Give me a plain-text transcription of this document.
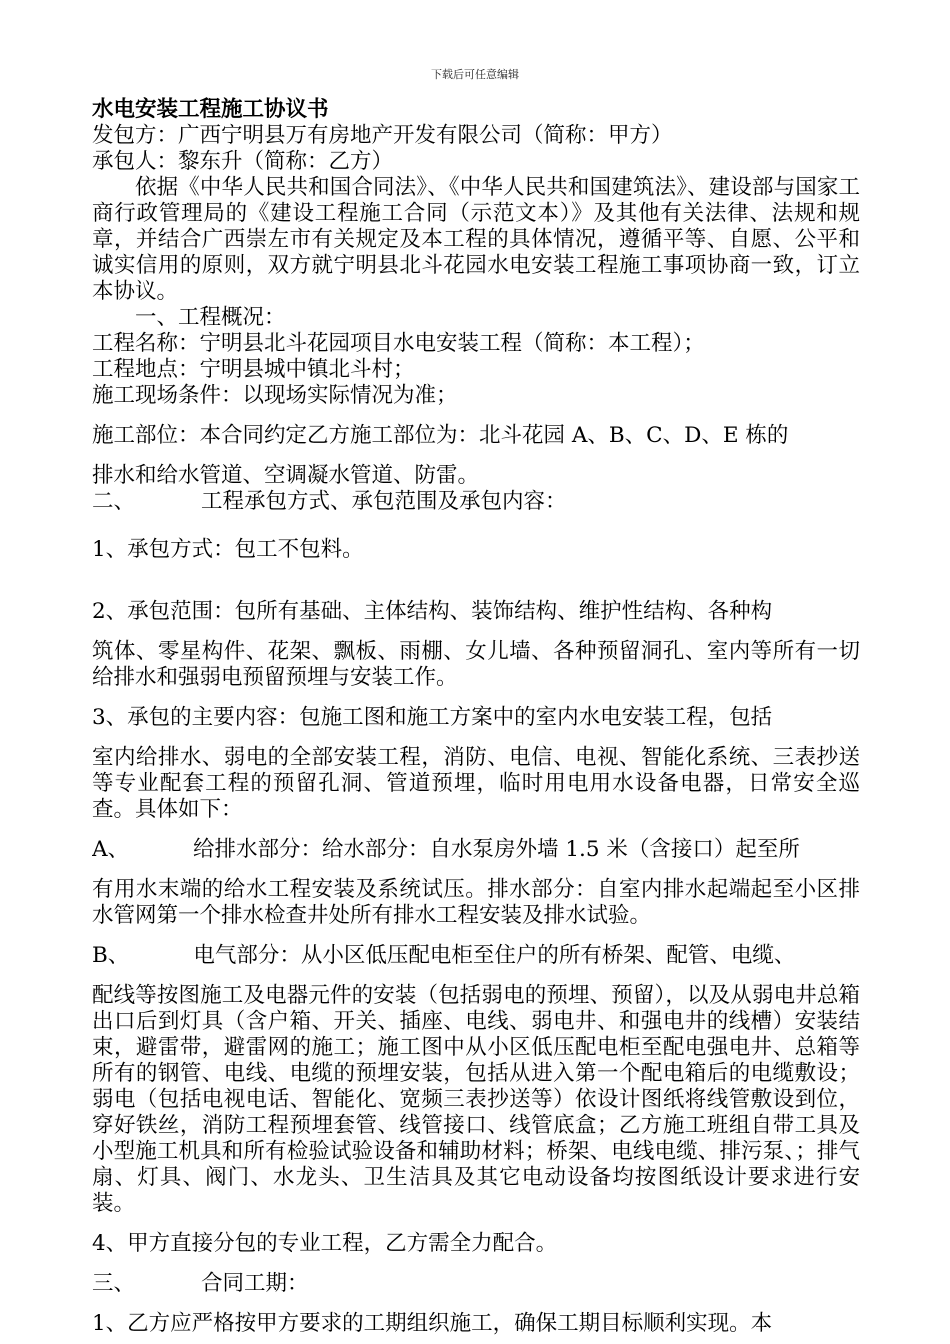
下载后可任意编辑
水电安装工程施工协议书
发包方：广西宁明县万有房地产开发有限公司（简称：甲方）
承包人：黎东升（简称：乙方）
依据《中华人民共和国合同法》、《中华人民共和国建筑法》、建设部与国家工商行政管理局的《建设工程施工合同（示范文本）》及其他有关法律、法规和规章，并结合广西崇左市有关规定及本工程的具体情况，遵循平等、自愿、公平和诚实信用的原则，双方就宁明县北斗花园水电安装工程施工事项协商一致，订立本协议。
一、工程概况：
工程名称：宁明县北斗花园项目水电安装工程（简称：本工程）；
工程地点：宁明县城中镇北斗村；
施工现场条件：以现场实际情况为准；
施工部位：本合同约定乙方施工部位为：北斗花园 A、B、C、D、E 栋的
排水和给水管道、空调凝水管道、防雷。
二、	工程承包方式、承包范围及承包内容：
1、承包方式：包工不包料。
2、承包范围：包所有基础、主体结构、装饰结构、维护性结构、各种构
筑体、零星构件、花架、飘板、雨棚、女儿墙、各种预留洞孔、室内等所有一切给排水和强弱电预留预埋与安装工作。
3、承包的主要内容：包施工图和施工方案中的室内水电安装工程，包括
室内给排水、弱电的全部安装工程，消防、电信、电视、智能化系统、三表抄送等专业配套工程的预留孔洞、管道预埋，临时用电用水设备电器，日常安全巡查。具体如下：
A、	给排水部分：给水部分：自水泵房外墙 1.5 米（含接口）起至所
有用水末端的给水工程安装及系统试压。排水部分：自室内排水起端起至小区排水管网第一个排水检查井处所有排水工程安装及排水试验。
B、	电气部分：从小区低压配电柜至住户的所有桥架、配管、电缆、
配线等按图施工及电器元件的安装（包括弱电的预埋、预留），以及从弱电井总箱出口后到灯具（含户箱、开关、插座、电线、弱电井、和强电井的线槽）安装结束，避雷带，避雷网的施工；施工图中从小区低压配电柜至配电强电井、总箱等所有的钢管、电线、电缆的预埋安装，包括从进入第一个配电箱后的电缆敷设；弱电（包括电视电话、智能化、宽频三表抄送等）依设计图纸将线管敷设到位，穿好铁丝，消防工程预埋套管、线管接口、线管底盒；乙方施工班组自带工具及小型施工机具和所有检验试验设备和辅助材料；桥架、电线电缆、排污泵、；排气扇、灯具、阀门、水龙头、卫生洁具及其它电动设备均按图纸设计要求进行安装。
4、甲方直接分包的专业工程，乙方需全力配合。
三、	合同工期：
1、乙方应严格按甲方要求的工期组织施工，确保工期目标顺利实现。本
